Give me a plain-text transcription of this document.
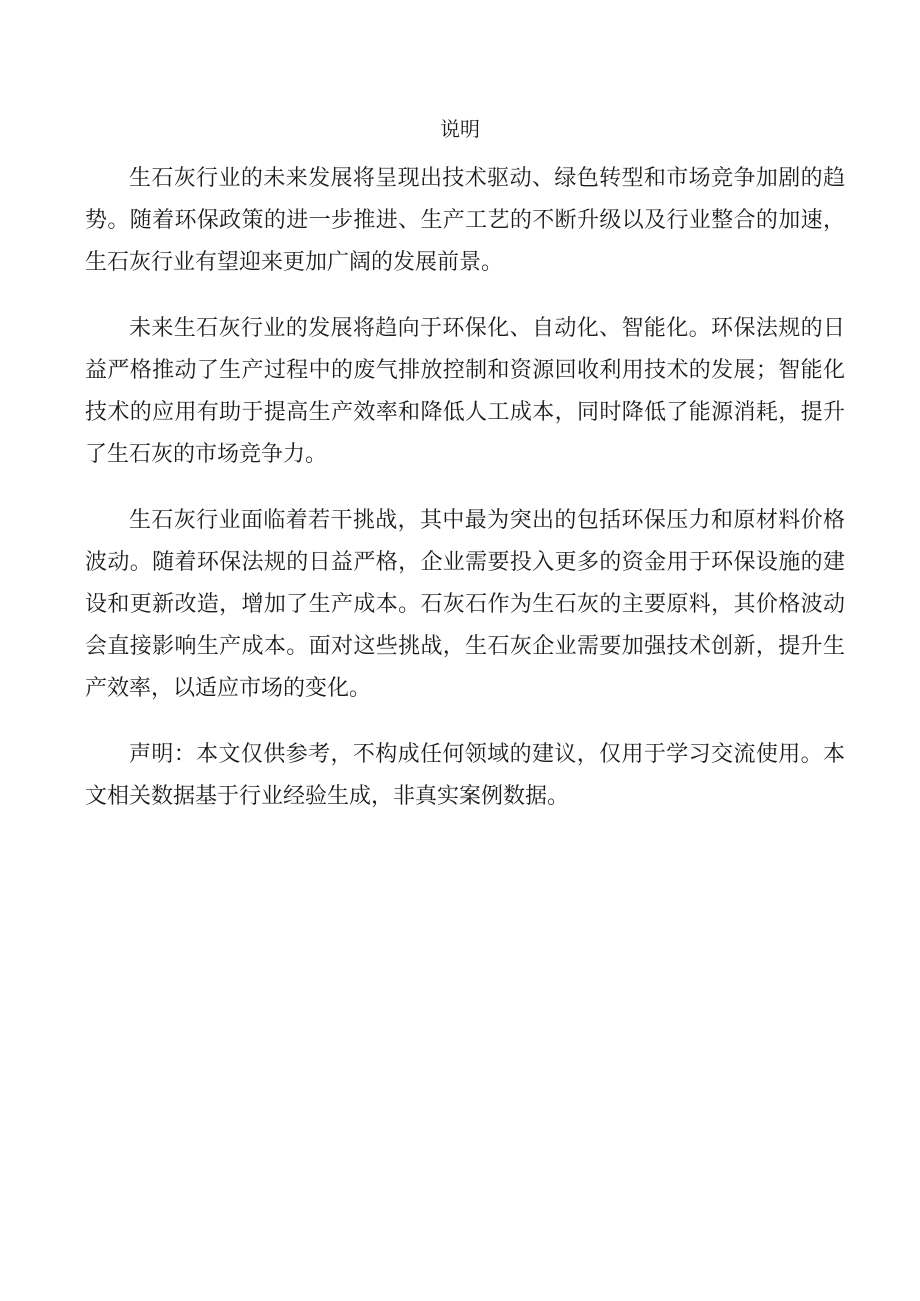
说明

生石灰行业的未来发展将呈现出技术驱动、绿色转型和市场竞争加剧的趋势。随着环保政策的进一步推进、生产工艺的不断升级以及行业整合的加速，生石灰行业有望迎来更加广阔的发展前景。

未来生石灰行业的发展将趋向于环保化、自动化、智能化。环保法规的日益严格推动了生产过程中的废气排放控制和资源回收利用技术的发展；智能化技术的应用有助于提高生产效率和降低人工成本，同时降低了能源消耗，提升了生石灰的市场竞争力。

生石灰行业面临着若干挑战，其中最为突出的包括环保压力和原材料价格波动。随着环保法规的日益严格，企业需要投入更多的资金用于环保设施的建设和更新改造，增加了生产成本。石灰石作为生石灰的主要原料，其价格波动会直接影响生产成本。面对这些挑战，生石灰企业需要加强技术创新，提升生产效率，以适应市场的变化。

声明：本文仅供参考，不构成任何领域的建议，仅用于学习交流使用。本文相关数据基于行业经验生成，非真实案例数据。
